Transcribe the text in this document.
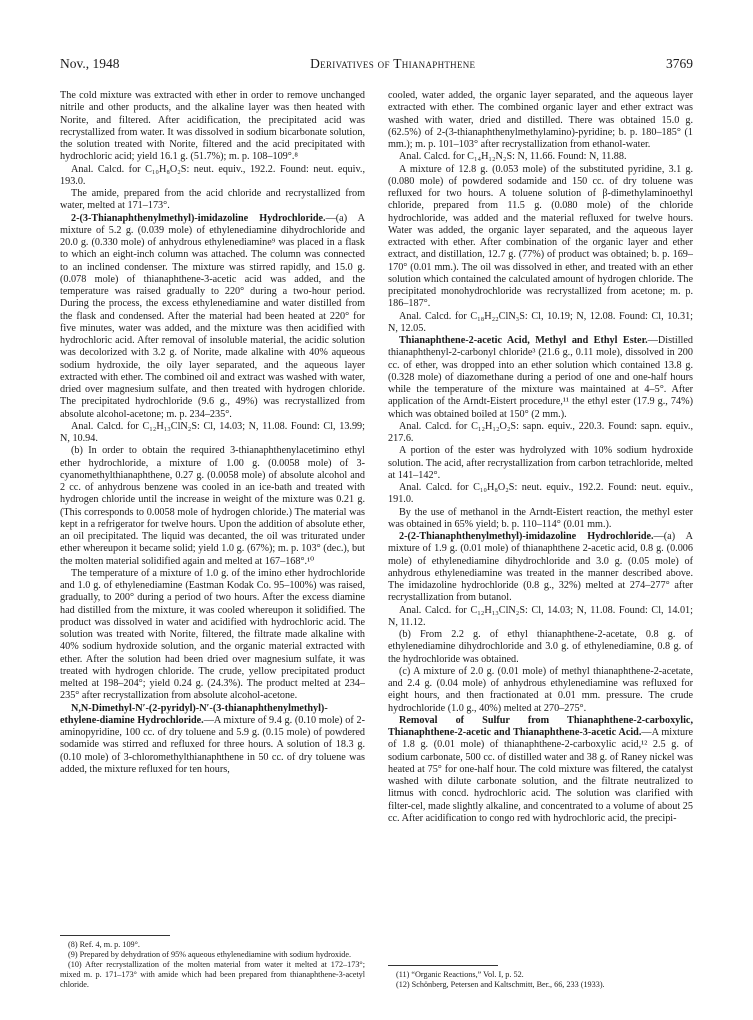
Nov., 1948	Derivatives of Thianaphthene	3769

The cold mixture was extracted with ether in order to remove unchanged nitrile and other products, and the alkaline layer was then heated with Norite, and filtered. After acidification, the precipitated acid was recrystallized from water. It was dissolved in sodium bicarbonate solution, the solution treated with Norite, filtered and the acid precipitated with hydrochloric acid; yield 16.1 g. (51.7%); m. p. 108–109°.⁸

Anal. Calcd. for C₁₀H₈O₂S: neut. equiv., 192.2. Found: neut. equiv., 193.0.

The amide, prepared from the acid chloride and recrystallized from water, melted at 171–173°.

2-(3-Thianaphthenylmethyl)-imidazoline Hydrochloride.—(a) A mixture of 5.2 g. (0.039 mole) of ethylenediamine dihydrochloride and 20.0 g. (0.330 mole) of anhydrous ethylenediamine⁹ was placed in a flask to which an eight-inch column was attached. The column was connected to an inclined condenser. The mixture was stirred rapidly, and 15.0 g. (0.078 mole) of thianaphthene-3-acetic acid was added, and the temperature was raised gradually to 220° during a two-hour period. During the process, the excess ethylenediamine and water distilled from the flask and condensed. After the material had been heated at 220° for five minutes, water was added, and the mixture was then acidified with hydrochloric acid. After removal of insoluble material, the acidic solution was decolorized with 3.2 g. of Norite, made alkaline with 40% aqueous sodium hydroxide, the oily layer separated, and the aqueous layer extracted with ether. The combined oil and extract was washed with water, dried over magnesium sulfate, and then treated with hydrogen chloride. The precipitated hydrochloride (9.6 g., 49%) was recrystallized from absolute alcohol-acetone; m. p. 234–235°.

Anal. Calcd. for C₁₂H₁₃ClN₂S: Cl, 14.03; N, 11.08. Found: Cl, 13.99; N, 10.94.

(b) In order to obtain the required 3-thianaphthenylacetimino ethyl ether hydrochloride, a mixture of 1.00 g. (0.0058 mole) of 3-cyanomethylthianaphthene, 0.27 g. (0.0058 mole) of absolute alcohol and 2 cc. of anhydrous benzene was cooled in an ice-bath and treated with hydrogen chloride until the increase in weight of the mixture was 0.21 g. (This corresponds to 0.0058 mole of hydrogen chloride.) The material was kept in a refrigerator for twelve hours. Upon the addition of absolute ether, an oil precipitated. The liquid was decanted, the oil was triturated under ether whereupon it became solid; yield 1.0 g. (67%); m. p. 103° (dec.), but the molten material solidified again and melted at 167–168°.¹⁰

The temperature of a mixture of 1.0 g. of the imino ether hydrochloride and 1.0 g. of ethylenediamine (Eastman Kodak Co. 95–100%) was raised, gradually, to 200° during a period of two hours. After the excess diamine had distilled from the mixture, it was cooled whereupon it solidified. The product was dissolved in water and acidified with hydrochloric acid. The solution was treated with Norite, filtered, the filtrate made alkaline with 40% sodium hydroxide solution, and the organic material extracted with ether. After the solution had been dried over magnesium sulfate, it was treated with hydrogen chloride. The crude, yellow precipitated product melted at 198–204°; yield 0.24 g. (24.3%). The product melted at 234–235° after recrystallization from absolute alcohol-acetone.

N,N-Dimethyl-N′-(2-pyridyl)-N′-(3-thianaphthenylmethyl)-ethylene-diamine Hydrochloride.—A mixture of 9.4 g. (0.10 mole) of 2-aminopyridine, 100 cc. of dry toluene and 5.9 g. (0.15 mole) of powdered sodamide was stirred and refluxed for three hours. A solution of 18.3 g. (0.10 mole) of 3-chloromethylthianaphthene in 50 cc. of dry toluene was added, the mixture refluxed for ten hours,

(8) Ref. 4, m. p. 109°.

(9) Prepared by dehydration of 95% aqueous ethylenediamine with sodium hydroxide.

(10) After recrystallization of the molten material from water it melted at 172–173°; mixed m. p. 171–173° with amide which had been prepared from thianaphthene-3-acetyl chloride.

cooled, water added, the organic layer separated, and the aqueous layer extracted with ether. The combined organic layer and ether extract was washed with water, dried and distilled. There was obtained 15.0 g. (62.5%) of 2-(3-thianaphthenylmethylamino)-pyridine; b. p. 180–185° (1 mm.); m. p. 101–103° after recrystallization from ethanol-water.

Anal. Calcd. for C₁₄H₁₂N₂S: N, 11.66. Found: N, 11.88.

A mixture of 12.8 g. (0.053 mole) of the substituted pyridine, 3.1 g. (0.080 mole) of powdered sodamide and 150 cc. of dry toluene was refluxed for two hours. A toluene solution of β-dimethylaminoethyl chloride, prepared from 11.5 g. (0.080 mole) of the chloride hydrochloride, was added and the material refluxed for twelve hours. Water was added, the organic layer separated, and the aqueous layer extracted with ether. After combination of the organic layer and ether extract, and distillation, 12.7 g. (77%) of product was obtained; b. p. 169–170° (0.01 mm.). The oil was dissolved in ether, and treated with an ether solution which contained the calculated amount of hydrogen chloride. The precipitated monohydrochloride was recrystallized from acetone; m. p. 186–187°.

Anal. Calcd. for C₁₈H₂₂ClN₃S: Cl, 10.19; N, 12.08. Found: Cl, 10.31; N, 12.05.

Thianaphthene-2-acetic Acid, Methyl and Ethyl Ester.—Distilled thianaphthenyl-2-carbonyl chloride³ (21.6 g., 0.11 mole), dissolved in 200 cc. of ether, was dropped into an ether solution which contained 13.8 g. (0.328 mole) of diazomethane during a period of one and one-half hours while the temperature of the mixture was maintained at 4–5°. After application of the Arndt-Eistert procedure,¹¹ the ethyl ester (17.9 g., 74%) which was obtained boiled at 150° (2 mm.).

Anal. Calcd. for C₁₂H₁₂O₂S: sapn. equiv., 220.3. Found: sapn. equiv., 217.6.

A portion of the ester was hydrolyzed with 10% sodium hydroxide solution. The acid, after recrystallization from carbon tetrachloride, melted at 141–142°.

Anal. Calcd. for C₁₀H₈O₂S: neut. equiv., 192.2. Found: neut. equiv., 191.0.

By the use of methanol in the Arndt-Eistert reaction, the methyl ester was obtained in 65% yield; b. p. 110–114° (0.01 mm.).

2-(2-Thianaphthenylmethyl)-imidazoline Hydrochloride.—(a) A mixture of 1.9 g. (0.01 mole) of thianaphthene 2-acetic acid, 0.8 g. (0.006 mole) of ethylenediamine dihydrochloride and 3.0 g. (0.05 mole) of anhydrous ethylenediamine was treated in the manner described above. The imidazoline hydrochloride (0.8 g., 32%) melted at 274–277° after recrystallization from butanol.

Anal. Calcd. for C₁₂H₁₃ClN₂S: Cl, 14.03; N, 11.08. Found: Cl, 14.01; N, 11.12.

(b) From 2.2 g. of ethyl thianaphthene-2-acetate, 0.8 g. of ethylenediamine dihydrochloride and 3.0 g. of ethylenediamine, 0.8 g. of the hydrochloride was obtained.

(c) A mixture of 2.0 g. (0.01 mole) of methyl thianaphthene-2-acetate, and 2.4 g. (0.04 mole) of anhydrous ethylenediamine was refluxed for eight hours, and then fractionated at 0.01 mm. pressure. The crude hydrochloride (1.0 g., 40%) melted at 270–275°.

Removal of Sulfur from Thianaphthene-2-carboxylic, Thianaphthene-2-acetic and Thianaphthene-3-acetic Acid.—A mixture of 1.8 g. (0.01 mole) of thianaphthene-2-carboxylic acid,¹² 2.5 g. of sodium carbonate, 500 cc. of distilled water and 38 g. of Raney nickel was heated at 75° for one-half hour. The cold mixture was filtered, the catalyst washed with dilute carbonate solution, and the filtrate neutralized to litmus with concd. hydrochloric acid. The solution was clarified with filter-cel, made slightly alkaline, and concentrated to a volume of about 25 cc. After acidification to congo red with hydrochloric acid, the precipi-

(11) “Organic Reactions,” Vol. I, p. 52.

(12) Schönberg, Petersen and Kaltschmitt, Ber., 66, 233 (1933).
